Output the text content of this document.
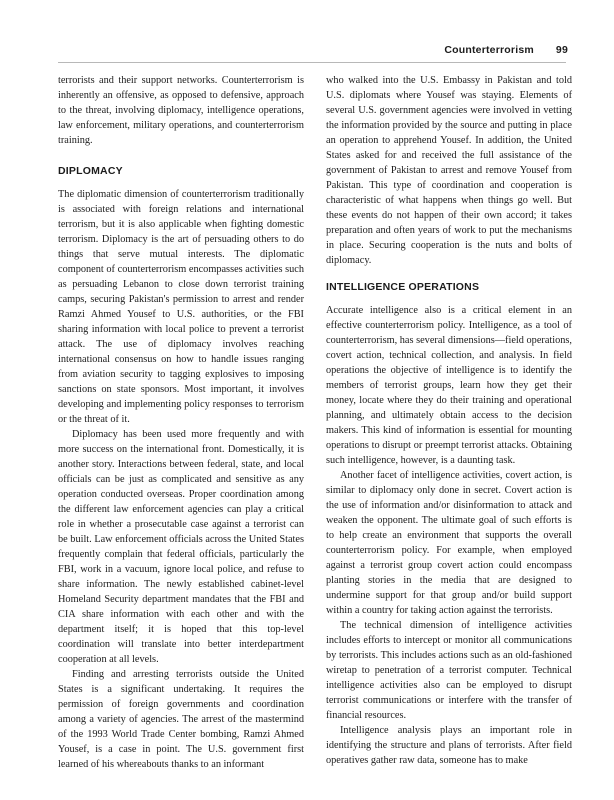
Counterterrorism 99

terrorists and their support networks. Counterterrorism is inherently an offensive, as opposed to defensive, approach to the threat, involving diplomacy, intelligence operations, law enforcement, military operations, and counterterrorism training.

DIPLOMACY

The diplomatic dimension of counterterrorism traditionally is associated with foreign relations and international terrorism, but it is also applicable when fighting domestic terrorism. Diplomacy is the art of persuading others to do things that serve mutual interests. The diplomatic component of counterterrorism encompasses activities such as persuading Lebanon to close down terrorist training camps, securing Pakistan's permission to arrest and render Ramzi Ahmed Yousef to U.S. authorities, or the FBI sharing information with local police to prevent a terrorist attack. The use of diplomacy involves reaching international consensus on how to handle issues ranging from aviation security to tagging explosives to imposing sanctions on state sponsors. Most important, it involves developing and implementing policy responses to terrorism or the threat of it.

Diplomacy has been used more frequently and with more success on the international front. Domestically, it is another story. Interactions between federal, state, and local officials can be just as complicated and sensitive as any operation conducted overseas. Proper coordination among the different law enforcement agencies can play a critical role in whether a prosecutable case against a terrorist can be built. Law enforcement officials across the United States frequently complain that federal officials, particularly the FBI, work in a vacuum, ignore local police, and refuse to share information. The newly established cabinet-level Homeland Security department mandates that the FBI and CIA share information with each other and with the department itself; it is hoped that this top-level coordination will translate into better interdepartment cooperation at all levels.

Finding and arresting terrorists outside the United States is a significant undertaking. It requires the permission of foreign governments and coordination among a variety of agencies. The arrest of the mastermind of the 1993 World Trade Center bombing, Ramzi Ahmed Yousef, is a case in point. The U.S. government first learned of his whereabouts thanks to an informant

who walked into the U.S. Embassy in Pakistan and told U.S. diplomats where Yousef was staying. Elements of several U.S. government agencies were involved in vetting the information provided by the source and putting in place an operation to apprehend Yousef. In addition, the United States asked for and received the full assistance of the government of Pakistan to arrest and remove Yousef from Pakistan. This type of coordination and cooperation is characteristic of what happens when things go well. But these events do not happen of their own accord; it takes preparation and often years of work to put the mechanisms in place. Securing cooperation is the nuts and bolts of diplomacy.

INTELLIGENCE OPERATIONS

Accurate intelligence also is a critical element in an effective counterterrorism policy. Intelligence, as a tool of counterterrorism, has several dimensions—field operations, covert action, technical collection, and analysis. In field operations the objective of intelligence is to identify the members of terrorist groups, learn how they get their money, locate where they do their training and operational planning, and ultimately obtain access to the decision makers. This kind of information is essential for mounting operations to disrupt or preempt terrorist attacks. Obtaining such intelligence, however, is a daunting task.

Another facet of intelligence activities, covert action, is similar to diplomacy only done in secret. Covert action is the use of information and/or disinformation to attack and weaken the opponent. The ultimate goal of such efforts is to help create an environment that supports the overall counterterrorism policy. For example, when employed against a terrorist group covert action could encompass planting stories in the media that are designed to undermine support for that group and/or build support within a country for taking action against the terrorists.

The technical dimension of intelligence activities includes efforts to intercept or monitor all communications by terrorists. This includes actions such as an old-fashioned wiretap to penetration of a terrorist computer. Technical intelligence activities also can be employed to disrupt terrorist communications or interfere with the transfer of financial resources.

Intelligence analysis plays an important role in identifying the structure and plans of terrorists. After field operatives gather raw data, someone has to make
